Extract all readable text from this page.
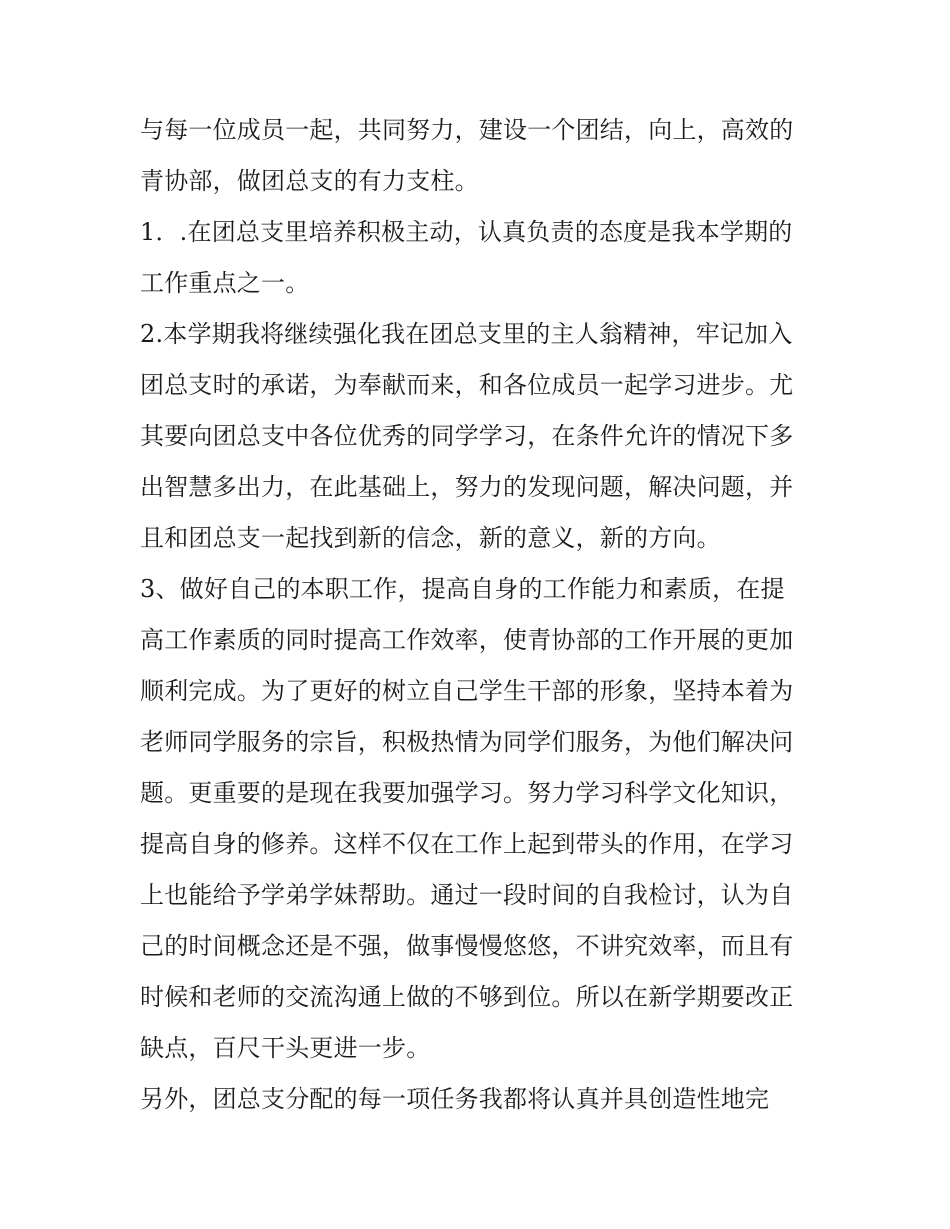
与每一位成员一起，共同努力，建设一个团结，向上，高效的
青协部，做团总支的有力支柱。
1．.在团总支里培养积极主动，认真负责的态度是我本学期的
工作重点之一。
2.本学期我将继续强化我在团总支里的主人翁精神，牢记加入
团总支时的承诺，为奉献而来，和各位成员一起学习进步。尤
其要向团总支中各位优秀的同学学习，在条件允许的情况下多
出智慧多出力，在此基础上，努力的发现问题，解决问题，并
且和团总支一起找到新的信念，新的意义，新的方向。
3、做好自己的本职工作，提高自身的工作能力和素质，在提
高工作素质的同时提高工作效率，使青协部的工作开展的更加
顺利完成。为了更好的树立自己学生干部的形象，坚持本着为
老师同学服务的宗旨，积极热情为同学们服务，为他们解决问
题。更重要的是现在我要加强学习。努力学习科学文化知识，
提高自身的修养。这样不仅在工作上起到带头的作用，在学习
上也能给予学弟学妹帮助。通过一段时间的自我检讨，认为自
己的时间概念还是不强，做事慢慢悠悠，不讲究效率，而且有
时候和老师的交流沟通上做的不够到位。所以在新学期要改正
缺点，百尺干头更进一步。
另外，团总支分配的每一项任务我都将认真并具创造性地完
